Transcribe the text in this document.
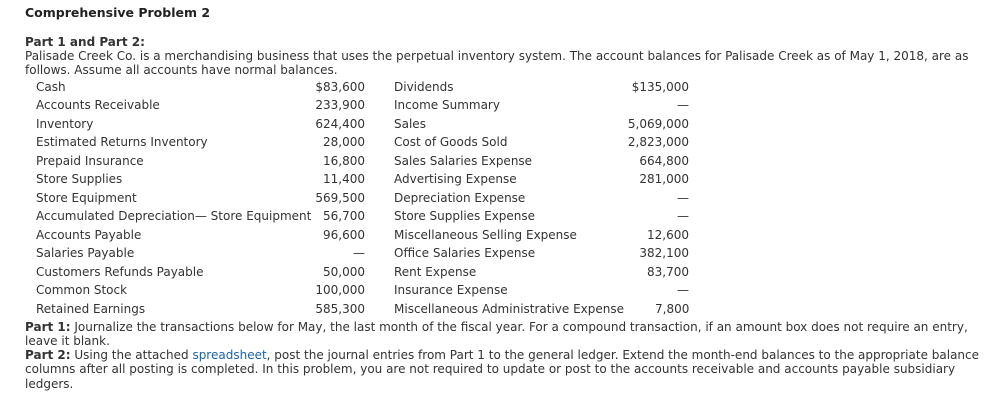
Comprehensive Problem 2
Part 1 and Part 2:
Palisade Creek Co. is a merchandising business that uses the perpetual inventory system. The account balances for Palisade Creek as of May 1, 2018, are as follows. Assume all accounts have normal balances.
Cash	$83,600 Dividends	$135,000
Accounts Receivable	233,900 Income Summary	—
Inventory	624,400 Sales	5,069,000
Estimated Returns Inventory	28,000 Cost of Goods Sold	2,823,000
Prepaid Insurance	16,800 Sales Salaries Expense	664,800
Store Supplies	11,400 Advertising Expense	281,000
Store Equipment	569,500 Depreciation Expense	—
Accumulated Depreciation— Store Equipment 56,700 Store Supplies Expense	—
Accounts Payable	96,600 Miscellaneous Selling Expense	12,600
Salaries Payable	— Office Salaries Expense	382,100
Customers Refunds Payable	50,000 Rent Expense	83,700
Common Stock	100,000 Insurance Expense	—
Retained Earnings	585,300 Miscellaneous Administrative Expense	7,800
Part 1: Journalize the transactions below for May, the last month of the fiscal year. For a compound transaction, if an amount box does not require an entry, leave it blank.
Part 2: Using the attached spreadsheet, post the journal entries from Part 1 to the general ledger. Extend the month-end balances to the appropriate balance columns after all posting is completed. In this problem, you are not required to update or post to the accounts receivable and accounts payable subsidiary ledgers.
